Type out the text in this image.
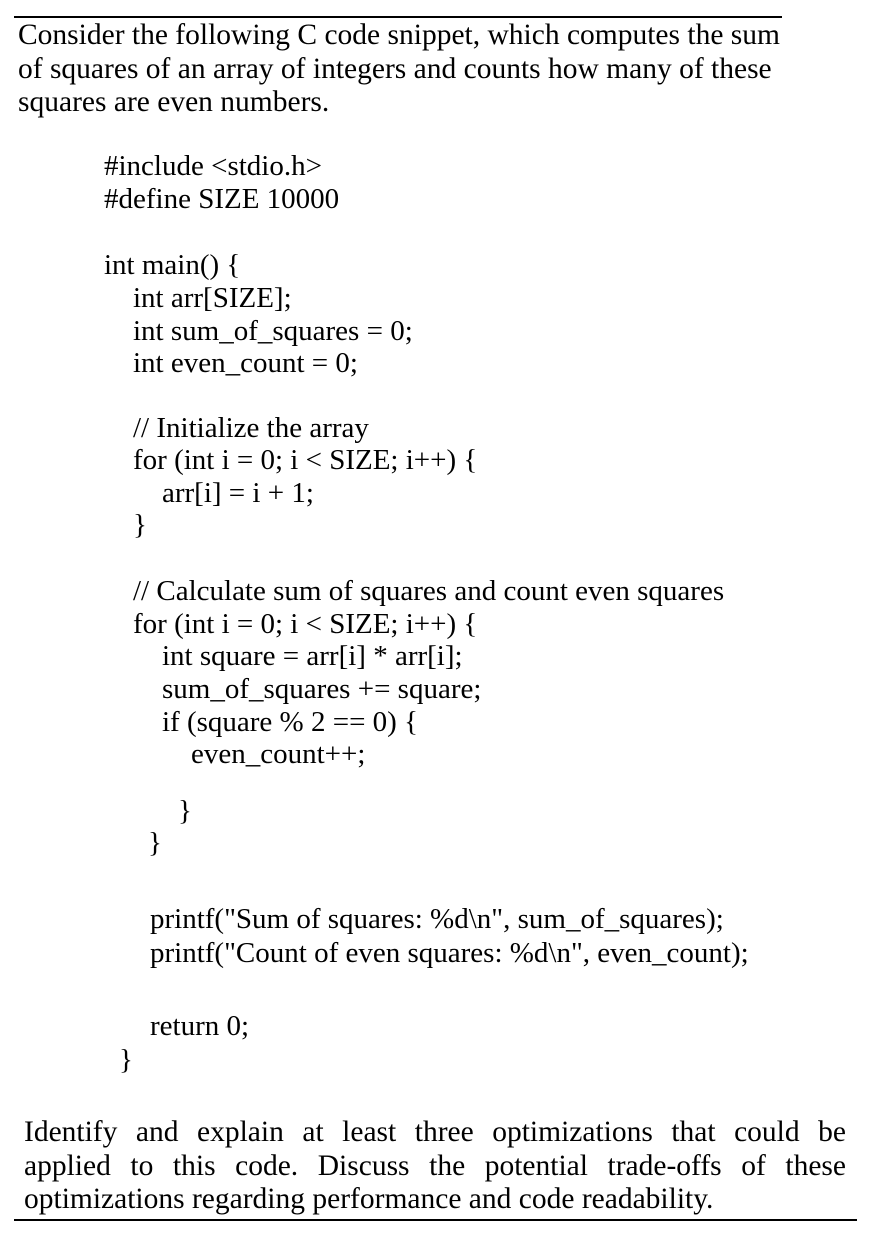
Consider the following C code snippet, which computes the sum
of squares of an array of integers and counts how many of these
squares are even numbers.

#include <stdio.h>
#define SIZE 10000
int main() {
int arr[SIZE];
int sum_of_squares = 0;
int even_count = 0;
// Initialize the array
for (int i = 0; i < SIZE; i++) {
arr[i] = i + 1;
}
// Calculate sum of squares and count even squares
for (int i = 0; i < SIZE; i++) {
int square = arr[i] * arr[i];
sum_of_squares += square;
if (square % 2 == 0) {
even_count++;
}
}
printf("Sum of squares: %d\n", sum_of_squares);
printf("Count of even squares: %d\n", even_count);
return 0;
}

Identify and explain at least three optimizations that could be
applied to this code. Discuss the potential trade-offs of these
optimizations regarding performance and code readability.
